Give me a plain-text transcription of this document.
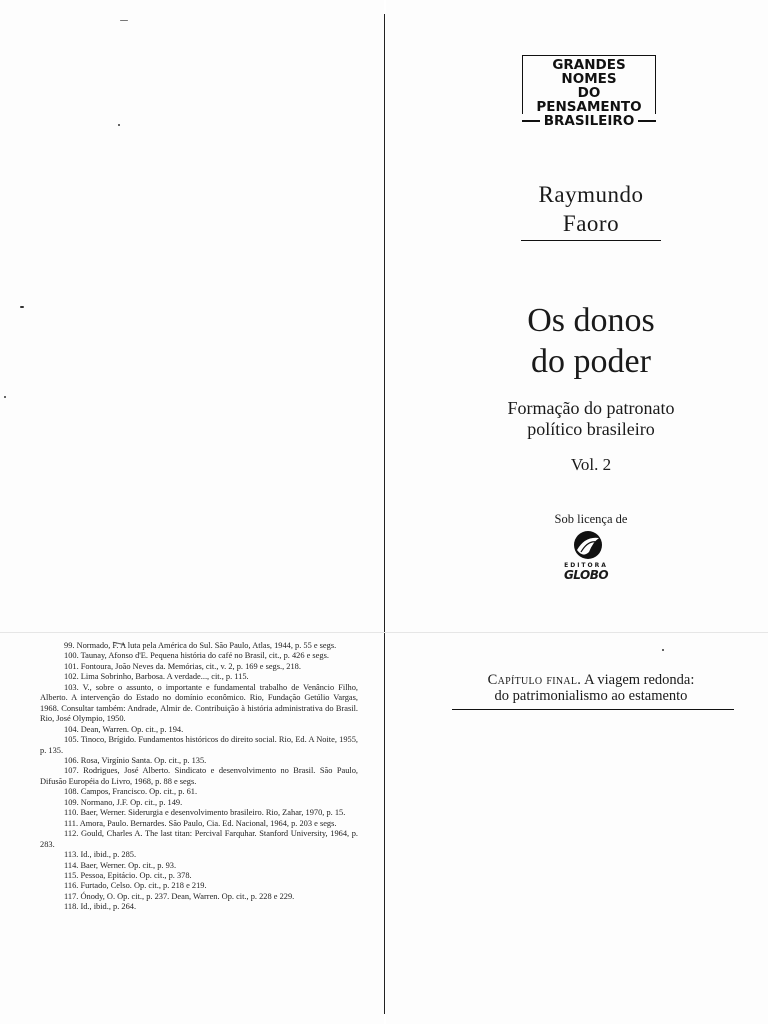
GRANDES NOMES
DO PENSAMENTO
BRASILEIRO
Raymundo
Faoro
Os donos
do poder
Formação do patronato
político brasileiro
Vol. 2
Sob licença de
EDITORA
GLOBO
99. Normado, F. A luta pela América do Sul. São Paulo, Atlas, 1944, p. 55 e segs.
100. Taunay, Afonso d'E. Pequena história do café no Brasil, cit., p. 426 e segs.
101. Fontoura, João Neves da. Memórias, cit., v. 2, p. 169 e segs., 218.
102. Lima Sobrinho, Barbosa. A verdade..., cit., p. 115.
103. V., sobre o assunto, o importante e fundamental trabalho de Venâncio Filho, Alberto. A intervenção do Estado no domínio econômico. Rio, Fundação Getúlio Vargas, 1968. Consultar também: Andrade, Almir de. Contribuição à história administrativa do Brasil. Rio, José Olympio, 1950.
104. Dean, Warren. Op. cit., p. 194.
105. Tinoco, Brígido. Fundamentos históricos do direito social. Rio, Ed. A Noite, 1955, p. 135.
106. Rosa, Virgínio Santa. Op. cit., p. 135.
107. Rodrigues, José Alberto. Sindicato e desenvolvimento no Brasil. São Paulo, Difusão Européia do Livro, 1968, p. 88 e segs.
108. Campos, Francisco. Op. cit., p. 61.
109. Normano, J.F. Op. cit., p. 149.
110. Baer, Werner. Siderurgia e desenvolvimento brasileiro. Rio, Zahar, 1970, p. 15.
111. Amora, Paulo. Bernardes. São Paulo, Cia. Ed. Nacional, 1964, p. 203 e segs.
112. Gould, Charles A. The last titan: Percival Farquhar. Stanford University, 1964, p. 283.
113. Id., ibid., p. 285.
114. Baer, Werner. Op. cit., p. 93.
115. Pessoa, Epitácio. Op. cit., p. 378.
116. Furtado, Celso. Op. cit., p. 218 e 219.
117. Ónody, O. Op. cit., p. 237. Dean, Warren. Op. cit., p. 228 e 229.
118. Id., ibid., p. 264.
Capítulo final. A viagem redonda:
do patrimonialismo ao estamento
